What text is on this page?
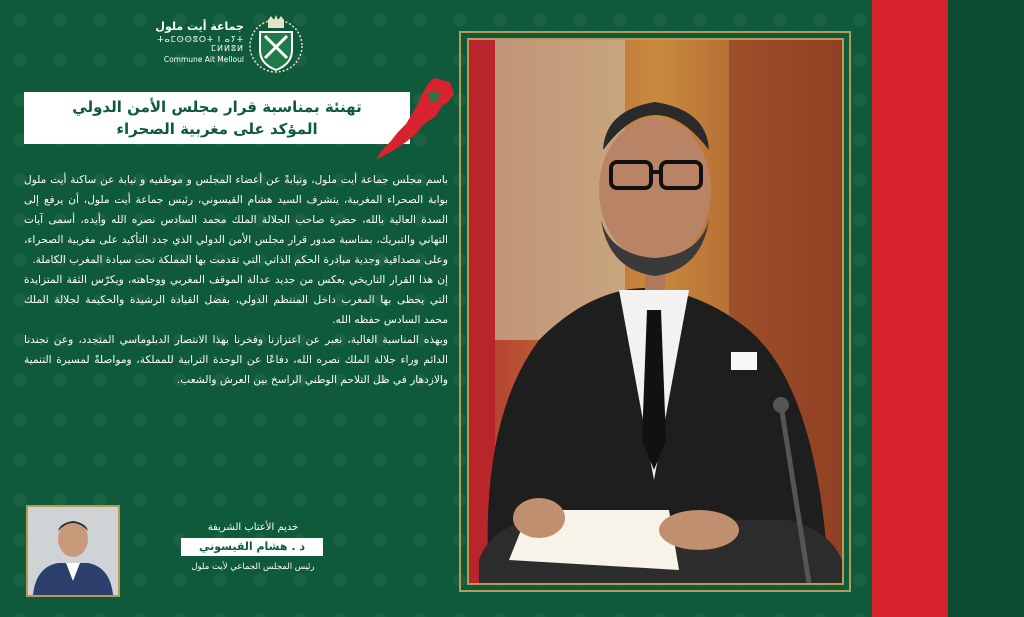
جماعة أيت ملول
ⵜⴰⵎⵙⵙⵓⵔⵜ ⵏ ⴰⵢⵜ ⵎⵍⵍⵓⵍ
Commune Ait Melloul
تهنئة بمناسبة قرار مجلس الأمن الدولي
المؤكد على مغربية الصحراء

باسم مجلس جماعة أيت ملول، ونيابةً عن أعضاء المجلس و موظفيه و نيابة عن ساكنة أيت ملول بوابة الصحراء المغربية، يتشرف السيد هشام القيسوني، رئيس جماعة أيت ملول، أن يرفع إلى السدة العالية بالله، حضرة صاحب الجلالة الملك محمد السادس نصره الله وأيده، أسمى آيات التهاني والتبريك، بمناسبة صدور قرار مجلس الأمن الدولي الذي جدد التأكيد على مغربية الصحراء، وعلى مصداقية وجدية مبادرة الحكم الذاتي التي تقدمت بها المملكة تحت سيادة المغرب الكاملة.

إن هذا القرار التاريخي يعكس من جديد عدالة الموقف المغربي ووجاهته، ويكرّس الثقة المتزايدة التي يحظى بها المغرب داخل المنتظم الدولي، بفضل القيادة الرشيدة والحكيمة لجلالة الملك محمد السادس حفظه الله.

وبهذه المناسبة الغالية، نعبر عن اعتزازنا وفخرنا بهذا الانتصار الدبلوماسي المتجدد، وعن تجندنا الدائم وراء جلالة الملك نصره الله، دفاعًا عن الوحدة الترابية للمملكة، ومواصلةً لمسيرة التنمية والازدهار في ظل التلاحم الوطني الراسخ بين العرش والشعب.

خديم الأعتاب الشريفة
د . هشام القيسوني
رئيس المجلس الجماعي لأيت ملول
